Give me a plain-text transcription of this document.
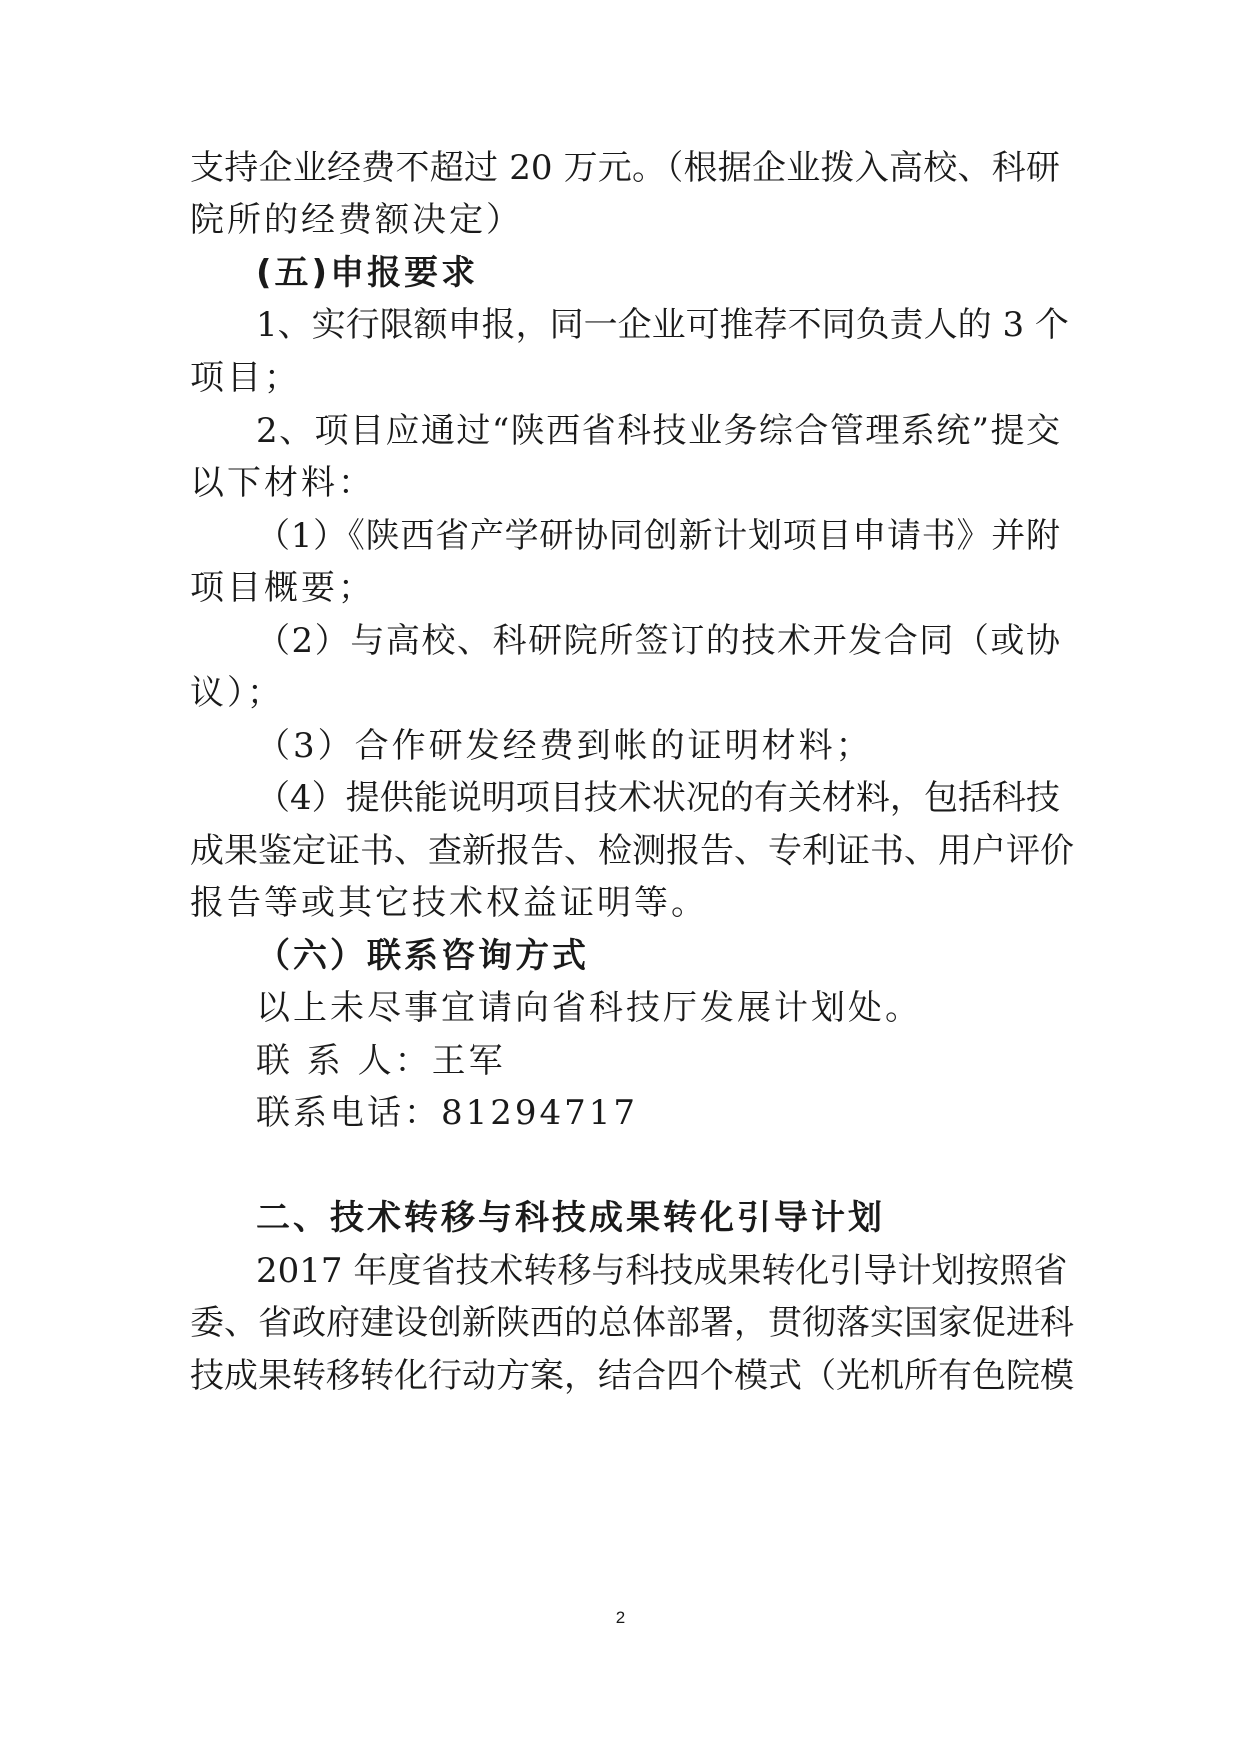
支持企业经费不超过 20 万元。（根据企业拨入高校、科研
院所的经费额决定）
(五)申报要求
1、实行限额申报，同一企业可推荐不同负责人的 3 个
项目；
2、项目应通过“陕西省科技业务综合管理系统”提交
以下材料：
（1）《陕西省产学研协同创新计划项目申请书》并附
项目概要；
（2）与高校、科研院所签订的技术开发合同（或协
议）；
（3）合作研发经费到帐的证明材料；
（4）提供能说明项目技术状况的有关材料，包括科技
成果鉴定证书、查新报告、检测报告、专利证书、用户评价
报告等或其它技术权益证明等。
（六）联系咨询方式
以上未尽事宜请向省科技厅发展计划处。
联 系 人：王军
联系电话：81294717
二、技术转移与科技成果转化引导计划
2017 年度省技术转移与科技成果转化引导计划按照省
委、省政府建设创新陕西的总体部署，贯彻落实国家促进科
技成果转移转化行动方案，结合四个模式（光机所有色院模
2
